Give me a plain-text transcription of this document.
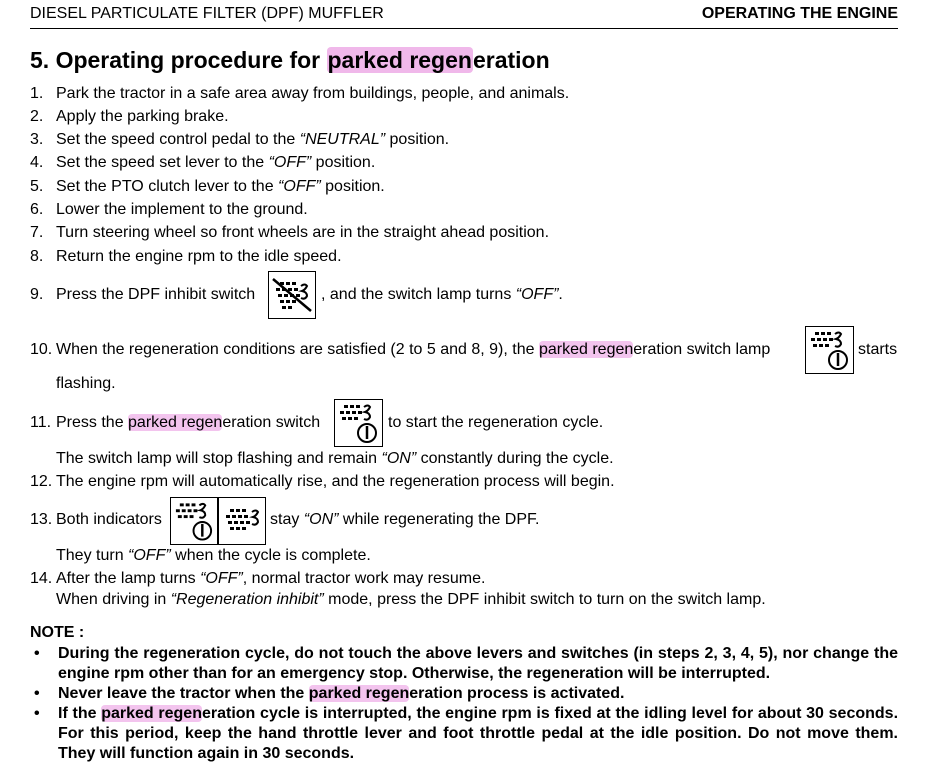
DIESEL PARTICULATE FILTER (DPF) MUFFLER	OPERATING THE ENGINE
5. Operating procedure for parked regeneration
1. Park the tractor in a safe area away from buildings, people, and animals.
2. Apply the parking brake.
3. Set the speed control pedal to the “NEUTRAL” position.
4. Set the speed set lever to the “OFF” position.
5. Set the PTO clutch lever to the “OFF” position.
6. Lower the implement to the ground.
7. Turn steering wheel so front wheels are in the straight ahead position.
8. Return the engine rpm to the idle speed.
9. Press the DPF inhibit switch	, and the switch lamp turns “OFF”.
10. When the regeneration conditions are satisfied (2 to 5 and 8, 9), the parked regeneration switch lamp	starts
flashing.
11. Press the parked regeneration switch	to start the regeneration cycle.
The switch lamp will stop flashing and remain “ON” constantly during the cycle.
12. The engine rpm will automatically rise, and the regeneration process will begin.
13. Both indicators	stay “ON” while regenerating the DPF.
They turn “OFF” when the cycle is complete.
14. After the lamp turns “OFF”, normal tractor work may resume.
When driving in “Regeneration inhibit” mode, press the DPF inhibit switch to turn on the switch lamp.
NOTE :
• During the regeneration cycle, do not touch the above levers and switches (in steps 2, 3, 4, 5), nor change the engine rpm other than for an emergency stop. Otherwise, the regeneration will be interrupted.
• Never leave the tractor when the parked regeneration process is activated.
• If the parked regeneration cycle is interrupted, the engine rpm is fixed at the idling level for about 30 seconds. For this period, keep the hand throttle lever and foot throttle pedal at the idle position. Do not move them. They will function again in 30 seconds.
